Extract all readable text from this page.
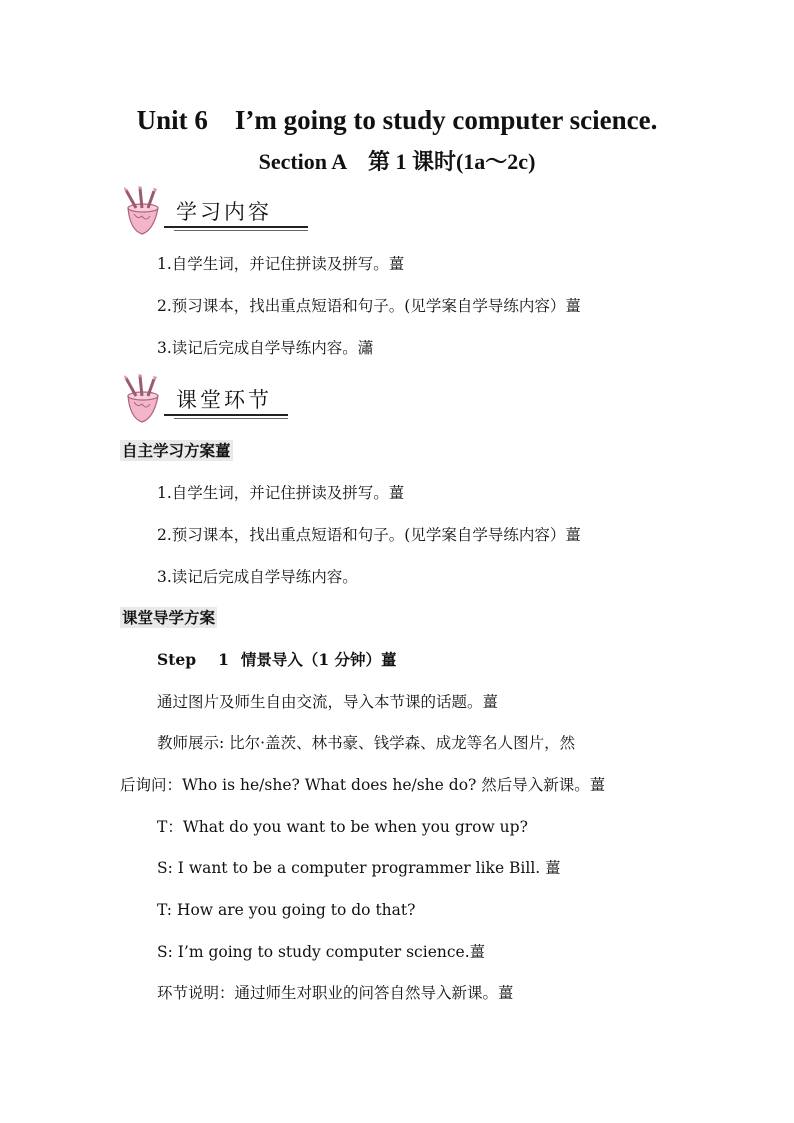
Unit 6　I’m going to study computer science.
Section A　第 1 课时(1a～2c)
学习内容
1.自学生词，并记住拼读及拼写。薑
2.预习课本，找出重点短语和句子。(见学案自学导练内容）薑
3.读记后完成自学导练内容。瀟
课堂环节
自主学习方案薑
1.自学生词，并记住拼读及拼写。薑
2.预习课本，找出重点短语和句子。(见学案自学导练内容）薑
3.读记后完成自学导练内容。
课堂导学方案
Step 1 情景导入（1 分钟）薑
通过图片及师生自由交流，导入本节课的话题。薑
教师展示: 比尔·盖茨、林书豪、钱学森、成龙等名人图片，然
后询问：Who is he/she? What does he/she do? 然后导入新课。薑
T：What do you want to be when you grow up?
S: I want to be a computer programmer like Bill. 薑
T: How are you going to do that?
S: I’m going to study computer science.薑
环节说明：通过师生对职业的问答自然导入新课。薑
